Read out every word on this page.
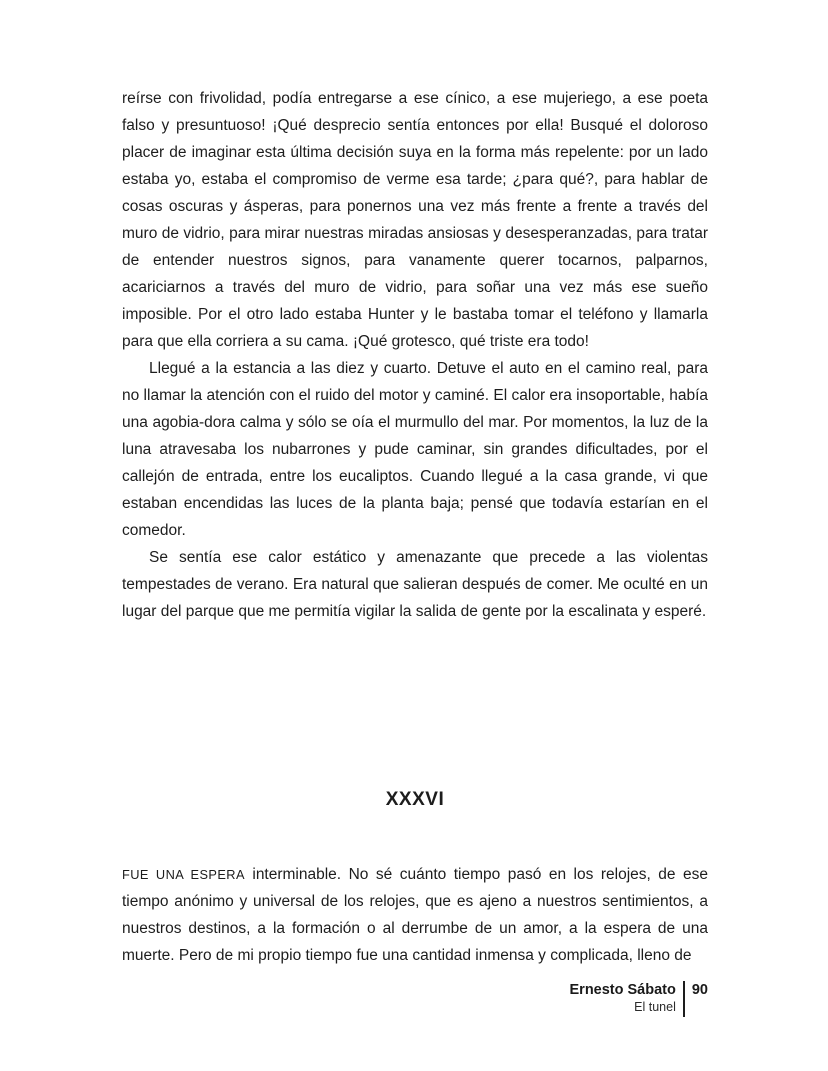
reírse con frivolidad, podía entregarse a ese cínico, a ese mujeriego, a ese poeta falso y presuntuoso! ¡Qué desprecio sentía entonces por ella! Busqué el doloroso placer de imaginar esta última decisión suya en la forma más repelente: por un lado estaba yo, estaba el compromiso de verme esa tarde; ¿para qué?, para hablar de cosas oscuras y ásperas, para ponernos una vez más frente a frente a través del muro de vidrio, para mirar nuestras miradas ansiosas y desesperanzadas, para tratar de entender nuestros signos, para vanamente querer tocarnos, palparnos, acariciarnos a través del muro de vidrio, para soñar una vez más ese sueño imposible. Por el otro lado estaba Hunter y le bastaba tomar el teléfono y llamarla para que ella corriera a su cama. ¡Qué grotesco, qué triste era todo!

Llegué a la estancia a las diez y cuarto. Detuve el auto en el camino real, para no llamar la atención con el ruido del motor y caminé. El calor era insoportable, había una agobia-dora calma y sólo se oía el murmullo del mar. Por momentos, la luz de la luna atravesaba los nubarrones y pude caminar, sin grandes dificultades, por el callejón de entrada, entre los eucaliptos. Cuando llegué a la casa grande, vi que estaban encendidas las luces de la planta baja; pensé que todavía estarían en el comedor.

Se sentía ese calor estático y amenazante que precede a las violentas tempestades de verano. Era natural que salieran después de comer. Me oculté en un lugar del parque que me permitía vigilar la salida de gente por la escalinata y esperé.

XXXVI

FUE UNA ESPERA interminable. No sé cuánto tiempo pasó en los relojes, de ese tiempo anónimo y universal de los relojes, que es ajeno a nuestros sentimientos, a nuestros destinos, a la formación o al derrumbe de un amor, a la espera de una muerte. Pero de mi propio tiempo fue una cantidad inmensa y complicada, lleno de

Ernesto Sábato
El tunel
90
